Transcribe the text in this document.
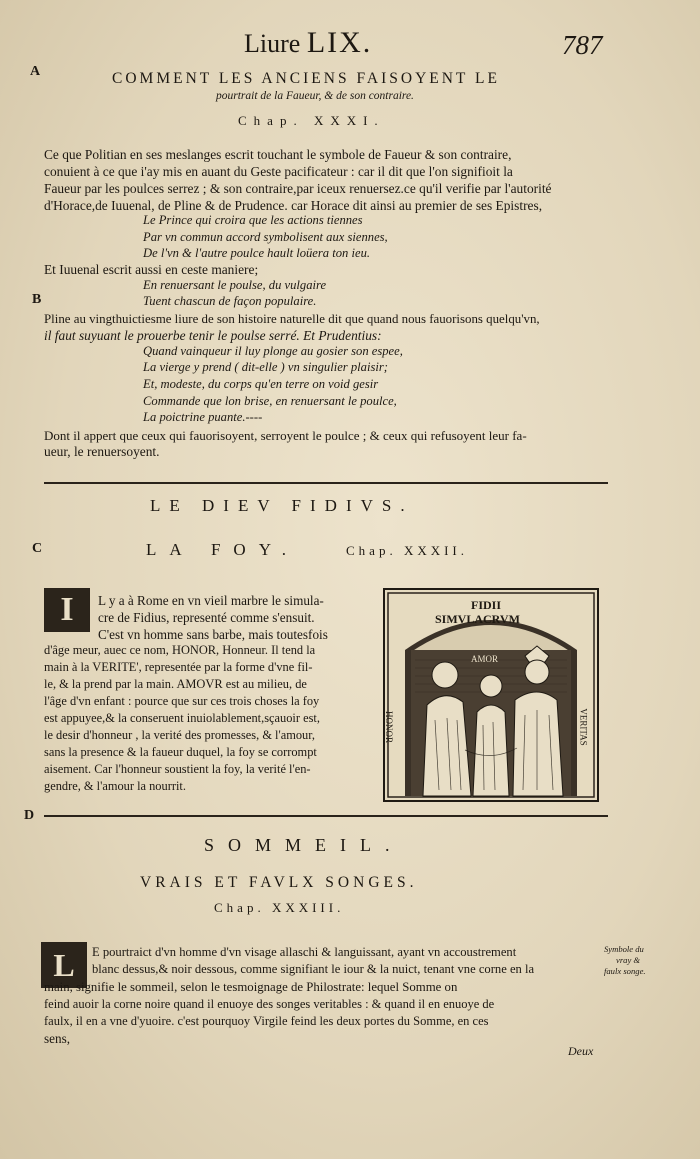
Liure LIX.	787
A
B
C
D
COMMENT LES ANCIENS FAISOYENT LE
pourtrait de la Faueur, & de son contraire.
Chap. XXXI.
Ce que Politian en ses meslanges escrit touchant le symbole de Faueur & son contraire,
conuient à ce que i'ay mis en auant du Geste pacificateur : car il dit que l'on signifioit la
Faueur par les poulces serrez ; & son contraire,par iceux renuersez.ce qu'il verifie par l'autorité
d'Horace,de Iuuenal, de Pline & de Prudence. car Horace dit ainsi au premier de ses Epistres,
Le Prince qui croira que les actions tiennes
Par vn commun accord symbolisent aux siennes,
De l'vn & l'autre poulce hault loüera ton ieu.
Et Iuuenal escrit aussi en ceste maniere;
En renuersant le poulse, du vulgaire
Tuent chascun de façon populaire.
Pline au vingthuictiesme liure de son histoire naturelle dit que quand nous fauorisons quelqu'vn,
il faut suyuant le prouerbe tenir le poulse serré. Et Prudentius:
Quand vainqueur il luy plonge au gosier son espee,
La vierge y prend ( dit-elle ) vn singulier plaisir;
Et, modeste, du corps qu'en terre on void gesir
Commande que lon brise, en renuersant le poulce,
La poictrine puante.----
Dont il appert que ceux qui fauorisoyent, serroyent le poulce ; & ceux qui refusoyent leur fa-
ueur, le renuersoyent.
LE DIEV FIDIVS.
LA FOY.	Chap. XXXII.
I	L y a à Rome en vn vieil marbre le simula-
cre de Fidius, representé comme s'ensuit.
C'est vn homme sans barbe, mais toutesfois
d'âge meur, auec ce nom, HONOR, Honneur. Il tend la
main à la VERITE', representée par la forme d'vne fil-
le, & la prend par la main. AMOVR est au milieu, de
l'âge d'vn enfant : pource que sur ces trois choses la foy
est appuyee,& la conseruent inuiolablement,sçauoir est,
le desir d'honneur , la verité des promesses, & l'amour,
sans la presence & la faueur duquel, la foy se corrompt
aisement. Car l'honneur soustient la foy, la verité l'en-
gendre, & l'amour la nourrit.
FIDII
SIMVLACRVM
AMOR
HONOR	VERITAS
SOMMEIL.
VRAIS ET FAVLX SONGES.
Chap. XXXIII.
L	E pourtraict d'vn homme d'vn visage allaschi & languissant, ayant vn accoustrement
blanc dessus,& noir dessous, comme signifiant le iour & la nuict, tenant vne corne en la
main, signifie le sommeil, selon le tesmoignage de Philostrate: lequel Somme on
feind auoir la corne noire quand il enuoye des songes veritables : & quand il en enuoye de
faulx, il en a vne d'yuoire. c'est pourquoy Virgile feind les deux portes du Somme, en ces
sens,
Symbole du
vray &
faulx songe.
Deux
